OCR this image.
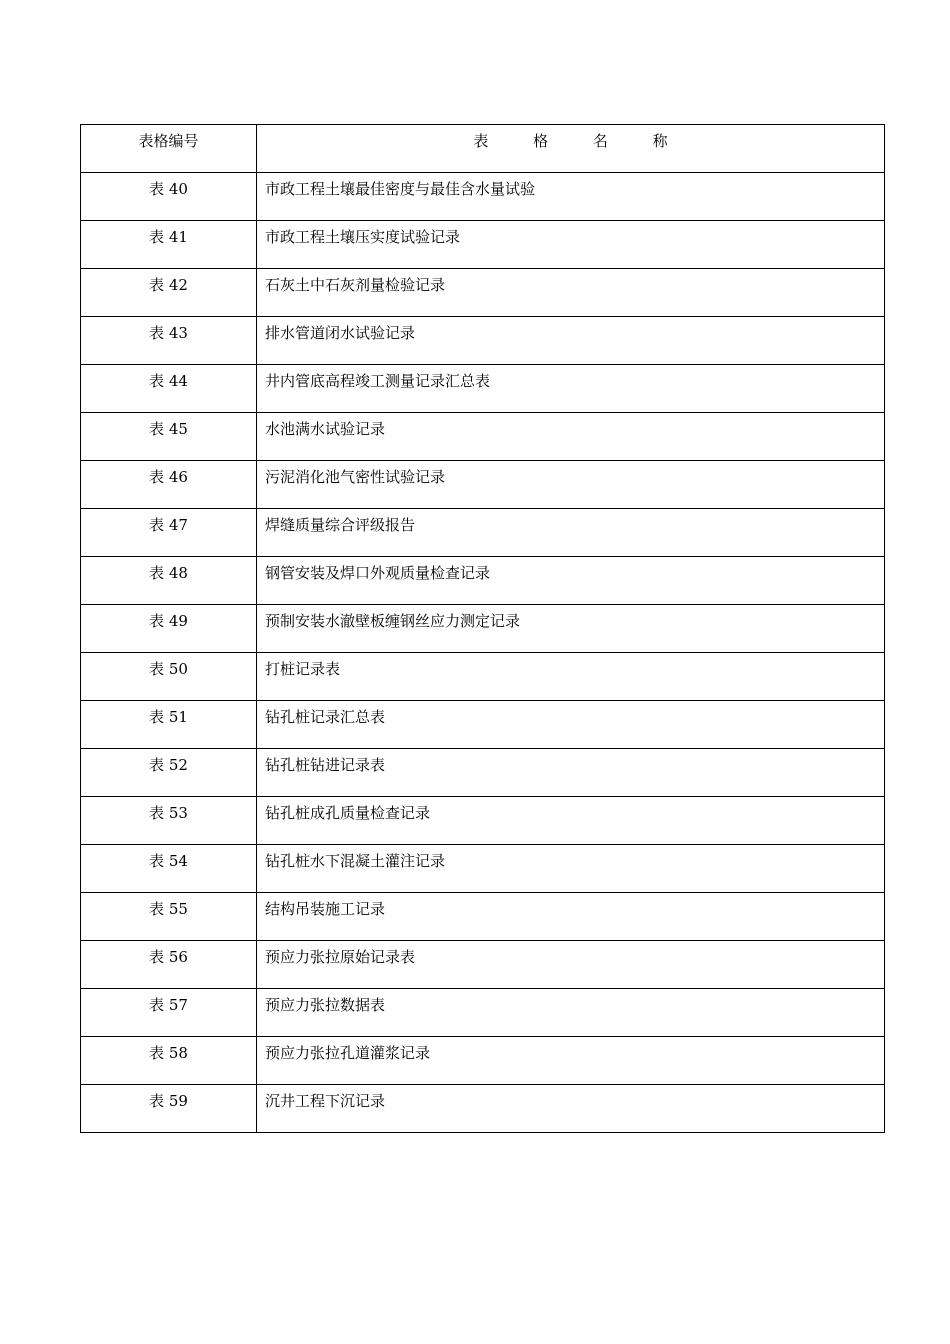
表格编号	表 格 名 称
表 40	市政工程土壤最佳密度与最佳含水量试验
表 41	市政工程土壤压实度试验记录
表 42	石灰土中石灰剂量检验记录
表 43	排水管道闭水试验记录
表 44	井内管底高程竣工测量记录汇总表
表 45	水池满水试验记录
表 46	污泥消化池气密性试验记录
表 47	焊缝质量综合评级报告
表 48	钢管安装及焊口外观质量检查记录
表 49	预制安装水澈壁板缠钢丝应力测定记录
表 50	打桩记录表
表 51	钻孔桩记录汇总表
表 52	钻孔桩钻进记录表
表 53	钻孔桩成孔质量检查记录
表 54	钻孔桩水下混凝土灌注记录
表 55	结构吊装施工记录
表 56	预应力张拉原始记录表
表 57	预应力张拉数据表
表 58	预应力张拉孔道灌浆记录
表 59	沉井工程下沉记录
